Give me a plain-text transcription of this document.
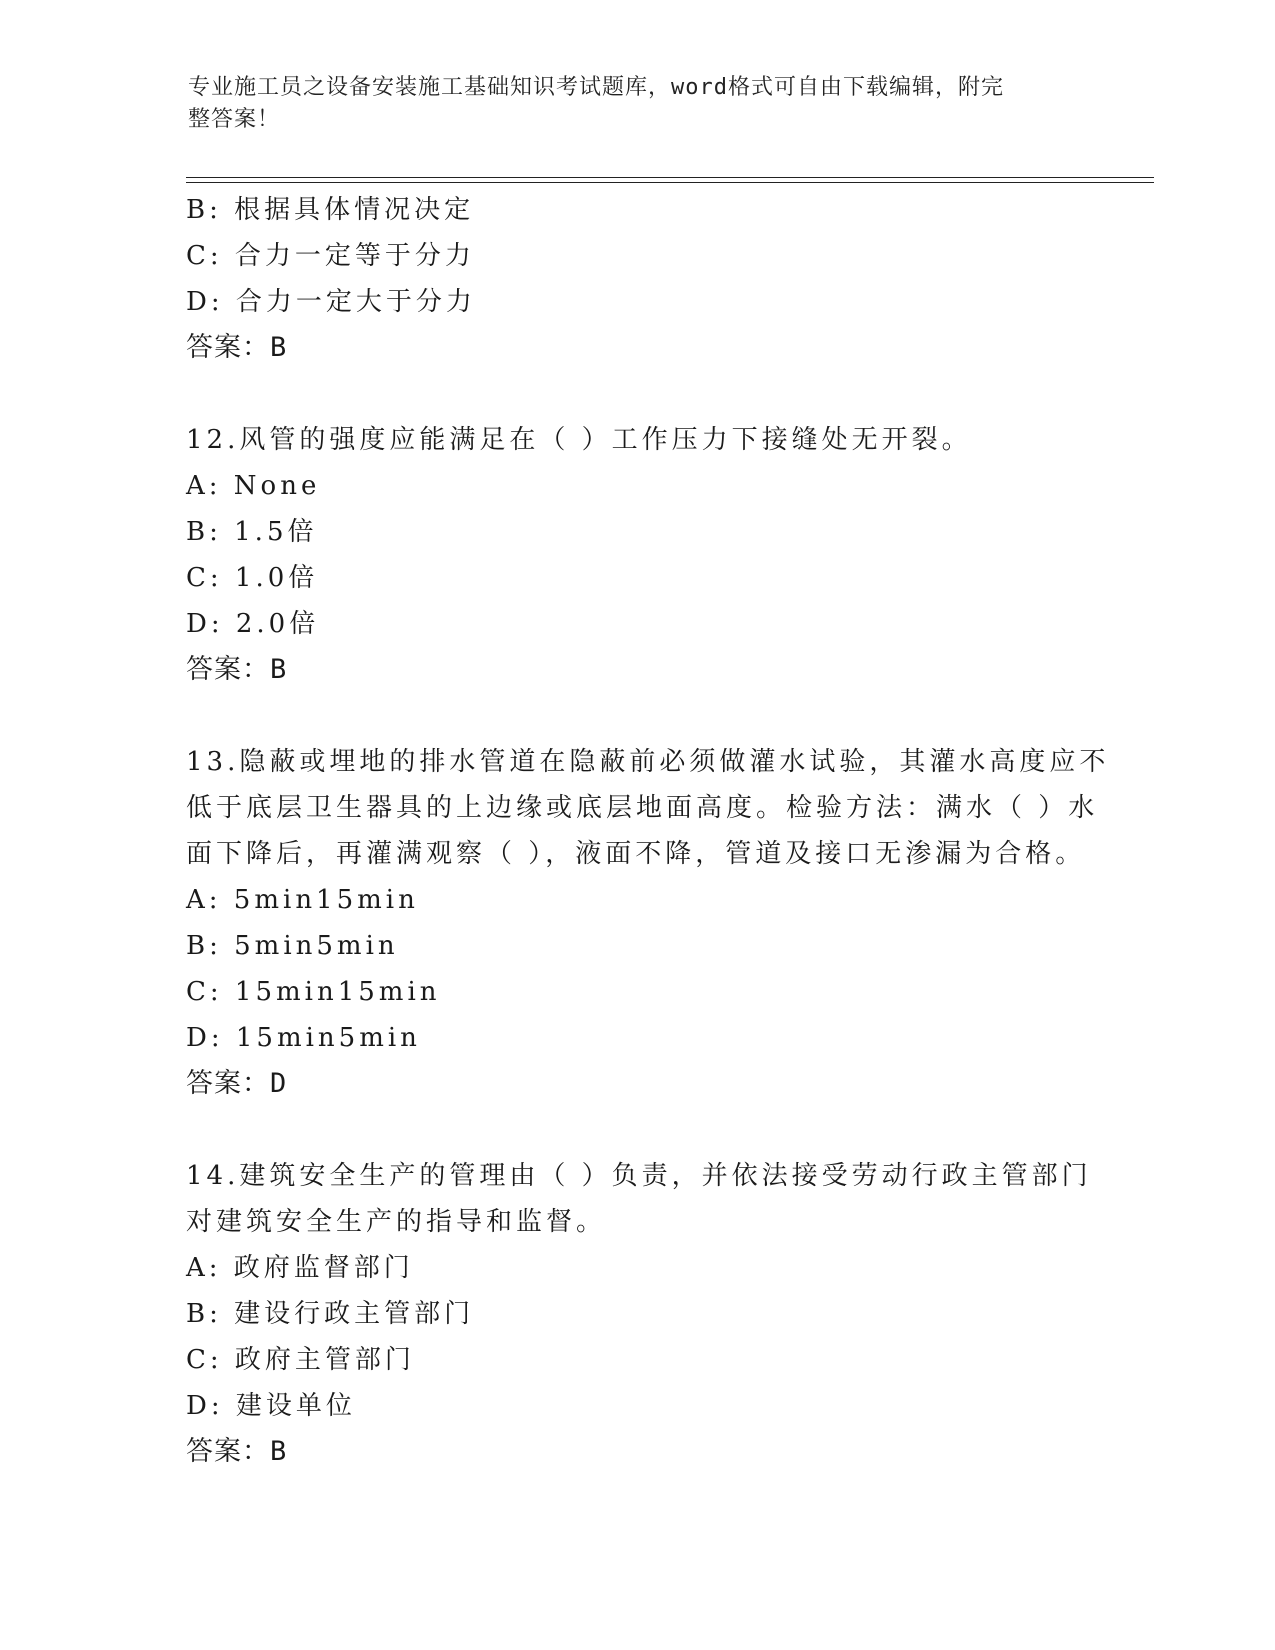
专业施工员之设备安装施工基础知识考试题库，word格式可自由下载编辑，附完
整答案！
B: 根据具体情况决定
C: 合力一定等于分力
D: 合力一定大于分力
答案：B
12.风管的强度应能满足在（ ）工作压力下接缝处无开裂。
A: None
B: 1.5倍
C: 1.0倍
D: 2.0倍
答案：B
13.隐蔽或埋地的排水管道在隐蔽前必须做灌水试验，其灌水高度应不
低于底层卫生器具的上边缘或底层地面高度。检验方法：满水（ ）水
面下降后，再灌满观察（ ），液面不降，管道及接口无渗漏为合格。
A: 5min15min
B: 5min5min
C: 15min15min
D: 15min5min
答案：D
14.建筑安全生产的管理由（ ）负责，并依法接受劳动行政主管部门
对建筑安全生产的指导和监督。
A: 政府监督部门
B: 建设行政主管部门
C: 政府主管部门
D: 建设单位
答案：B
